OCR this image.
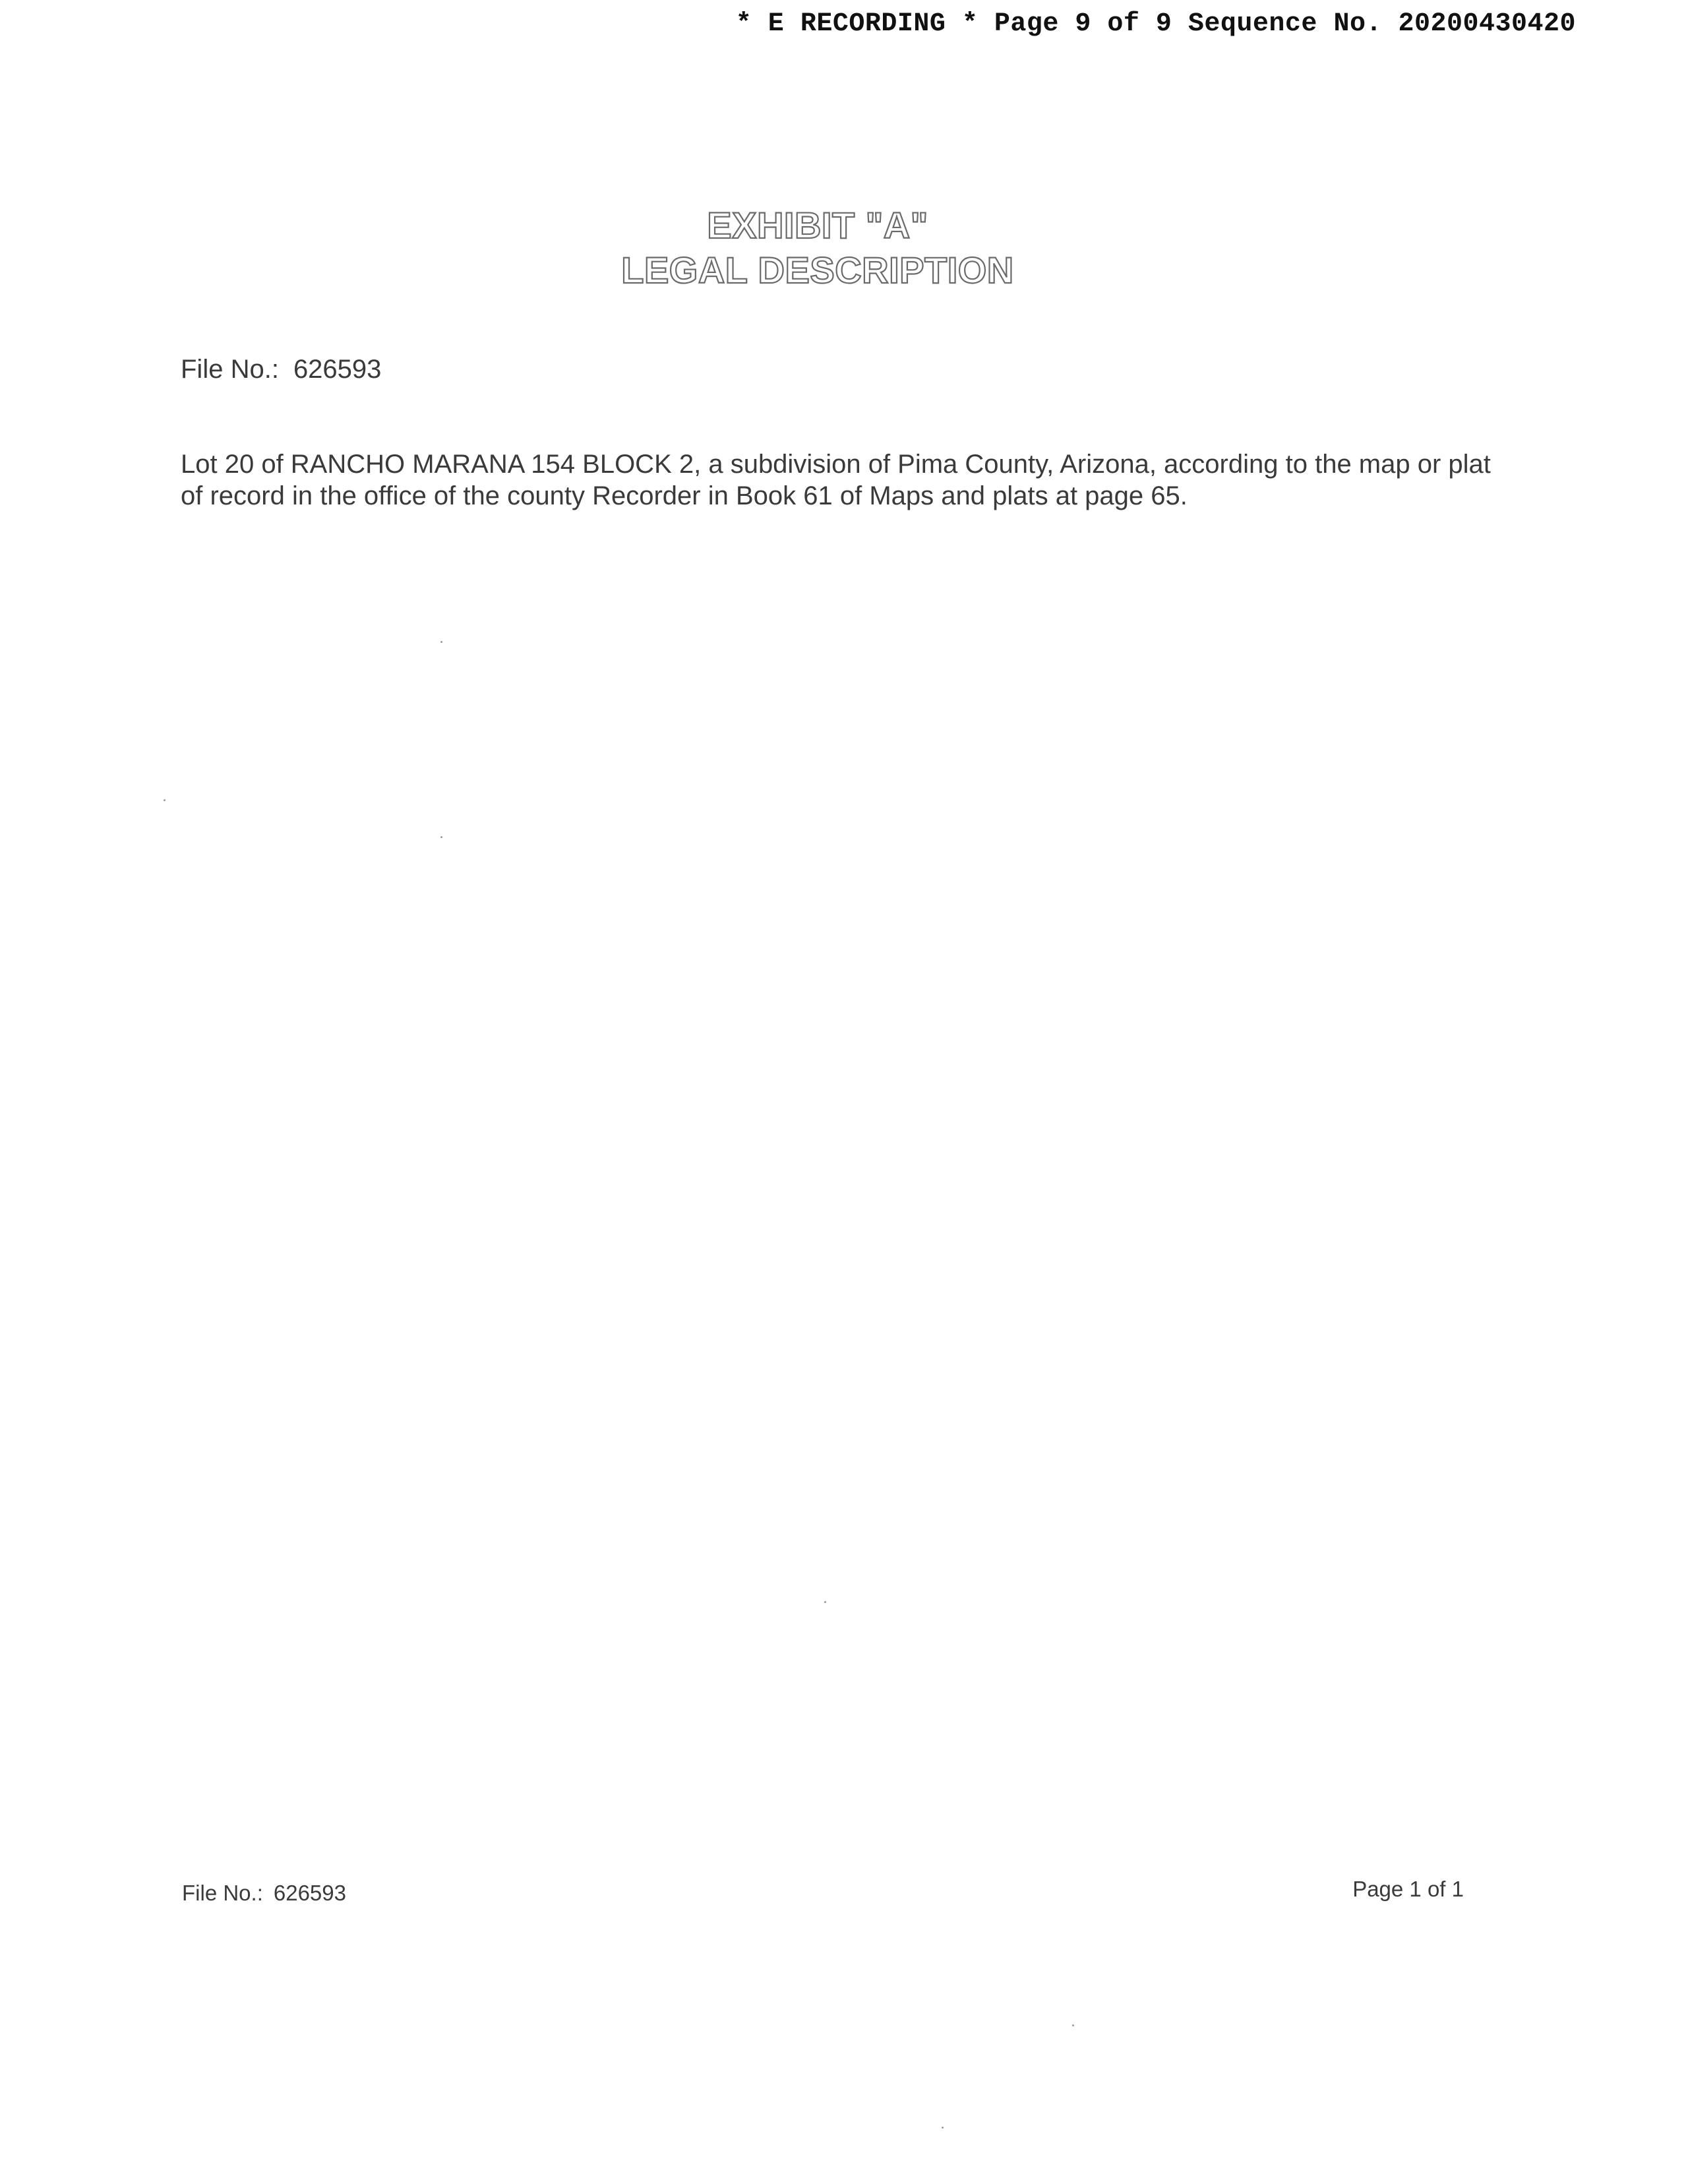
* E RECORDING * Page 9 of 9 Sequence No. 20200430420
EXHIBIT "A"
LEGAL DESCRIPTION
File No.: 626593

Lot 20 of RANCHO MARANA 154 BLOCK 2, a subdivision of Pima County, Arizona, according to the map or plat of record in the office of the county Recorder in Book 61 of Maps and plats at page 65.

File No.: 626593	Page 1 of 1
